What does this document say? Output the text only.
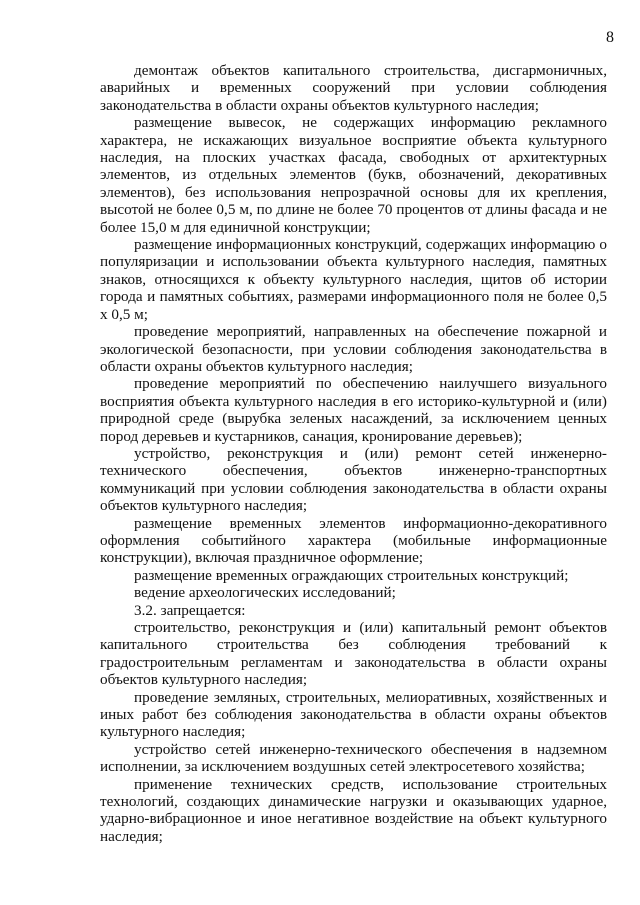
8

демонтаж объектов капитального строительства, дисгармоничных, аварийных и временных сооружений при условии соблюдения законодательства в области охраны объектов культурного наследия;

размещение вывесок, не содержащих информацию рекламного характера, не искажающих визуальное восприятие объекта культурного наследия, на плоских участках фасада, свободных от архитектурных элементов, из отдельных элементов (букв, обозначений, декоративных элементов), без использования непрозрачной основы для их крепления, высотой не более 0,5 м, по длине не более 70 процентов от длины фасада и не более 15,0 м для единичной конструкции;

размещение информационных конструкций, содержащих информацию о популяризации и использовании объекта культурного наследия, памятных знаков, относящихся к объекту культурного наследия, щитов об истории города и памятных событиях, размерами информационного поля не более 0,5 х 0,5 м;

проведение мероприятий, направленных на обеспечение пожарной и экологической безопасности, при условии соблюдения законодательства в области охраны объектов культурного наследия;

проведение мероприятий по обеспечению наилучшего визуального восприятия объекта культурного наследия в его историко-культурной и (или) природной среде (вырубка зеленых насаждений, за исключением ценных пород деревьев и кустарников, санация, кронирование деревьев);

устройство, реконструкция и (или) ремонт сетей инженерно-технического обеспечения, объектов инженерно-транспортных коммуникаций при условии соблюдения законодательства в области охраны объектов культурного наследия;

размещение временных элементов информационно-декоративного оформления событийного характера (мобильные информационные конструкции), включая праздничное оформление;

размещение временных ограждающих строительных конструкций;

ведение археологических исследований;

3.2. запрещается:

строительство, реконструкция и (или) капитальный ремонт объектов капитального строительства без соблюдения требований к градостроительным регламентам и законодательства в области охраны объектов культурного наследия;

проведение земляных, строительных, мелиоративных, хозяйственных и иных работ без соблюдения законодательства в области охраны объектов культурного наследия;

устройство сетей инженерно-технического обеспечения в надземном исполнении, за исключением воздушных сетей электросетевого хозяйства;

применение технических средств, использование строительных технологий, создающих динамические нагрузки и оказывающих ударное, ударно-вибрационное и иное негативное воздействие на объект культурного наследия;
